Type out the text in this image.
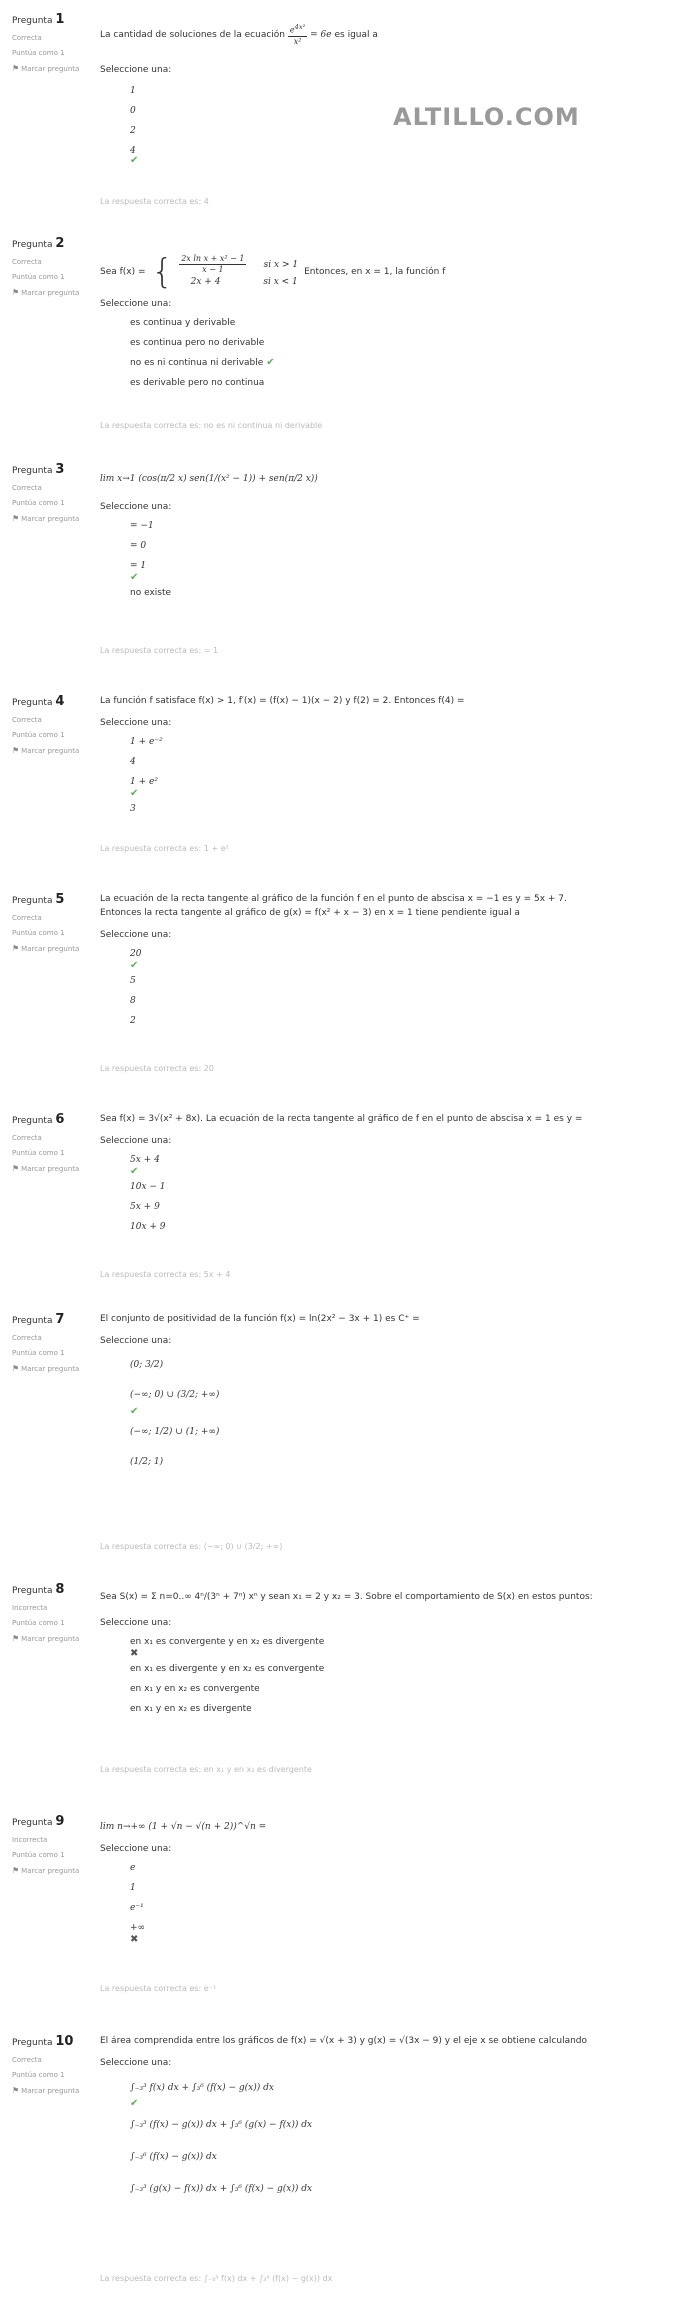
ALTILLO.COM
Pregunta 1
Correcta
Puntúa como 1
⚑ Marcar pregunta
La cantidad de soluciones de la ecuación $\frac{e^{4x^2}}{\text{x²}} = 6e$ es igual a
Seleccione una:
1
0
2
4
✔
La respuesta correcta es: 4
Pregunta 2
Correcta
Puntúa como 1
⚑ Marcar pregunta
Sea f(x) = { $\frac{\text{2x ln x + x² − 1}}{x - 1}$ si x > 1
2x + 4               si x < 1
Entonces, en x = 1, la función f
Seleccione una:
es continua y derivable
es continua pero no derivable
no es ni continua ni derivable ✔
es derivable pero no continua
La respuesta correcta es: no es ni continua ni derivable
Pregunta 3
Correcta
Puntúa como 1
⚑ Marcar pregunta
lim x→1 (cos(π/2 x) sen(1/(x² − 1)) + sen(π/2 x))
Seleccione una:
= −1
= 0
= 1
✔
no existe
La respuesta correcta es: = 1
Pregunta 4
Correcta
Puntúa como 1
⚑ Marcar pregunta
La función f satisface f(x) > 1, f′(x) = (f(x) − 1)(x − 2) y f(2) = 2. Entonces f(4) =
Seleccione una:
1 + e⁻²
4
1 + e²
✔
3
La respuesta correcta es: 1 + e²
Pregunta 5
Correcta
Puntúa como 1
⚑ Marcar pregunta
La ecuación de la recta tangente al gráfico de la función f en el punto de abscisa x = −1 es y = 5x + 7.
Entonces la recta tangente al gráfico de g(x) = f(x² + x − 3) en x = 1 tiene pendiente igual a
Seleccione una:
20
✔
5
8
2
La respuesta correcta es: 20
Pregunta 6
Correcta
Puntúa como 1
⚑ Marcar pregunta
Sea f(x) = 3√(x² + 8x). La ecuación de la recta tangente al gráfico de f en el punto de abscisa x = 1 es y =
Seleccione una:
5x + 4
✔
10x − 1
5x + 9
10x + 9
La respuesta correcta es: 5x + 4
Pregunta 7
Correcta
Puntúa como 1
⚑ Marcar pregunta
El conjunto de positividad de la función f(x) = ln(2x² − 3x + 1) es C⁺ =
Seleccione una:
(0; 3/2)
(−∞; 0) ∪ (3/2; +∞)
✔
(−∞; 1/2) ∪ (1; +∞)
(1/2; 1)
La respuesta correcta es: (−∞; 0) ∪ (3/2; +∞)
Pregunta 8
Incorrecta
Puntúa como 1
⚑ Marcar pregunta
Sea S(x) = Σ n=0..∞ 4ⁿ/(3ⁿ + 7ⁿ) xⁿ y sean x₁ = 2 y x₂ = 3. Sobre el comportamiento de S(x) en estos puntos:
Seleccione una:
en x₁ es convergente y en x₂ es divergente
✖
en x₁ es divergente y en x₂ es convergente
en x₁ y en x₂ es convergente
en x₁ y en x₂ es divergente
La respuesta correcta es: en x₁ y en x₂ es divergente
Pregunta 9
Incorrecta
Puntúa como 1
⚑ Marcar pregunta
lim n→+∞ (1 + √n − √(n + 2))^√n =
Seleccione una:
e
1
e⁻¹
+∞
✖
La respuesta correcta es: e⁻¹
Pregunta 10
Correcta
Puntúa como 1
⚑ Marcar pregunta
El área comprendida entre los gráficos de f(x) = √(x + 3) y g(x) = √(3x − 9) y el eje x se obtiene calculando
Seleccione una:
∫₋₃³ f(x) dx + ∫₃⁶ (f(x) − g(x)) dx
✔
∫₋₃³ (f(x) − g(x)) dx + ∫₃⁶ (g(x) − f(x)) dx
∫₋₃⁶ (f(x) − g(x)) dx
∫₋₃³ (g(x) − f(x)) dx + ∫₃⁶ (f(x) − g(x)) dx
La respuesta correcta es: ∫₋₃³ f(x) dx + ∫₃⁶ (f(x) − g(x)) dx
